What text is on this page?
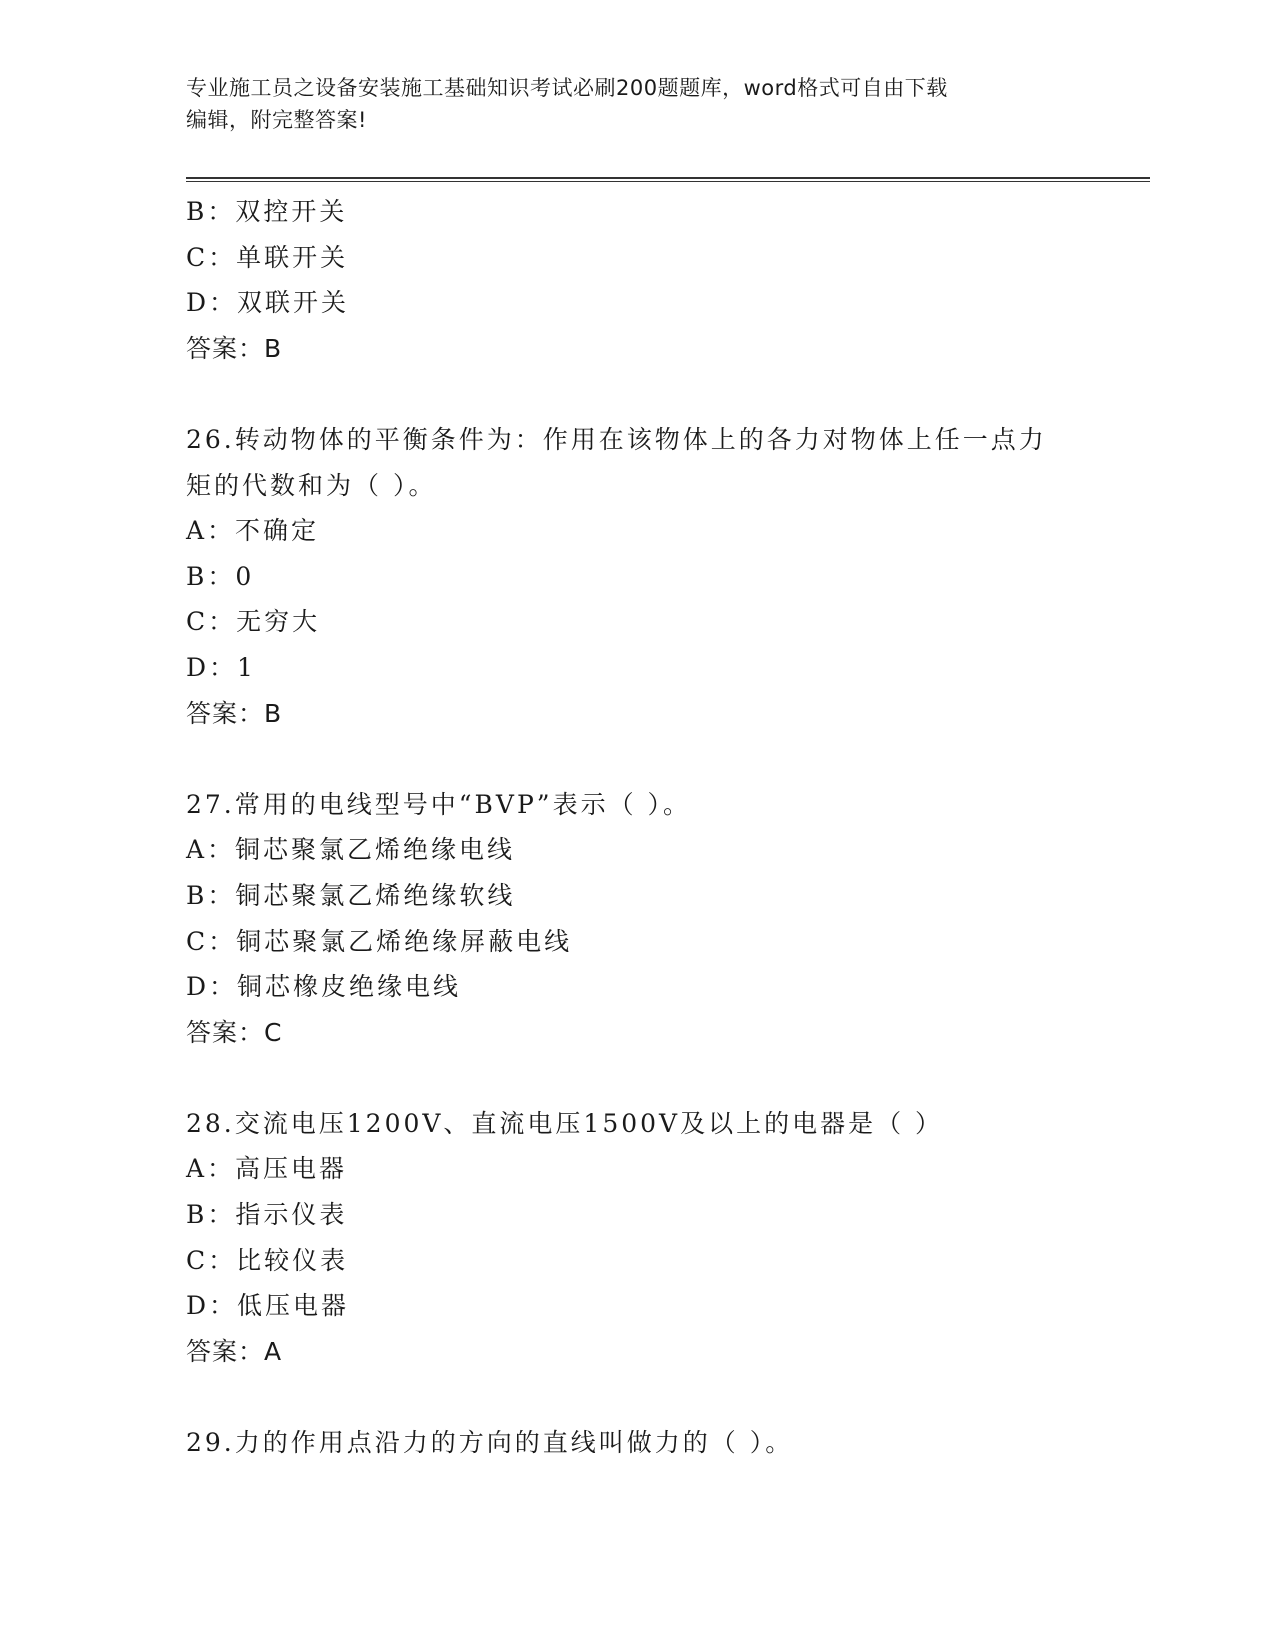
专业施工员之设备安装施工基础知识考试必刷200题题库，word格式可自由下载
编辑，附完整答案!
B：双控开关
C：单联开关
D：双联开关
答案：B
26.转动物体的平衡条件为：作用在该物体上的各力对物体上任一点力
矩的代数和为（ ）。
A：不确定
B：0
C：无穷大
D：1
答案：B
27.常用的电线型号中“BVP”表示（ ）。
A：铜芯聚氯乙烯绝缘电线
B：铜芯聚氯乙烯绝缘软线
C：铜芯聚氯乙烯绝缘屏蔽电线
D：铜芯橡皮绝缘电线
答案：C
28.交流电压1200V、直流电压1500V及以上的电器是（ ）
A：高压电器
B：指示仪表
C：比较仪表
D：低压电器
答案：A
29.力的作用点沿力的方向的直线叫做力的（ ）。
